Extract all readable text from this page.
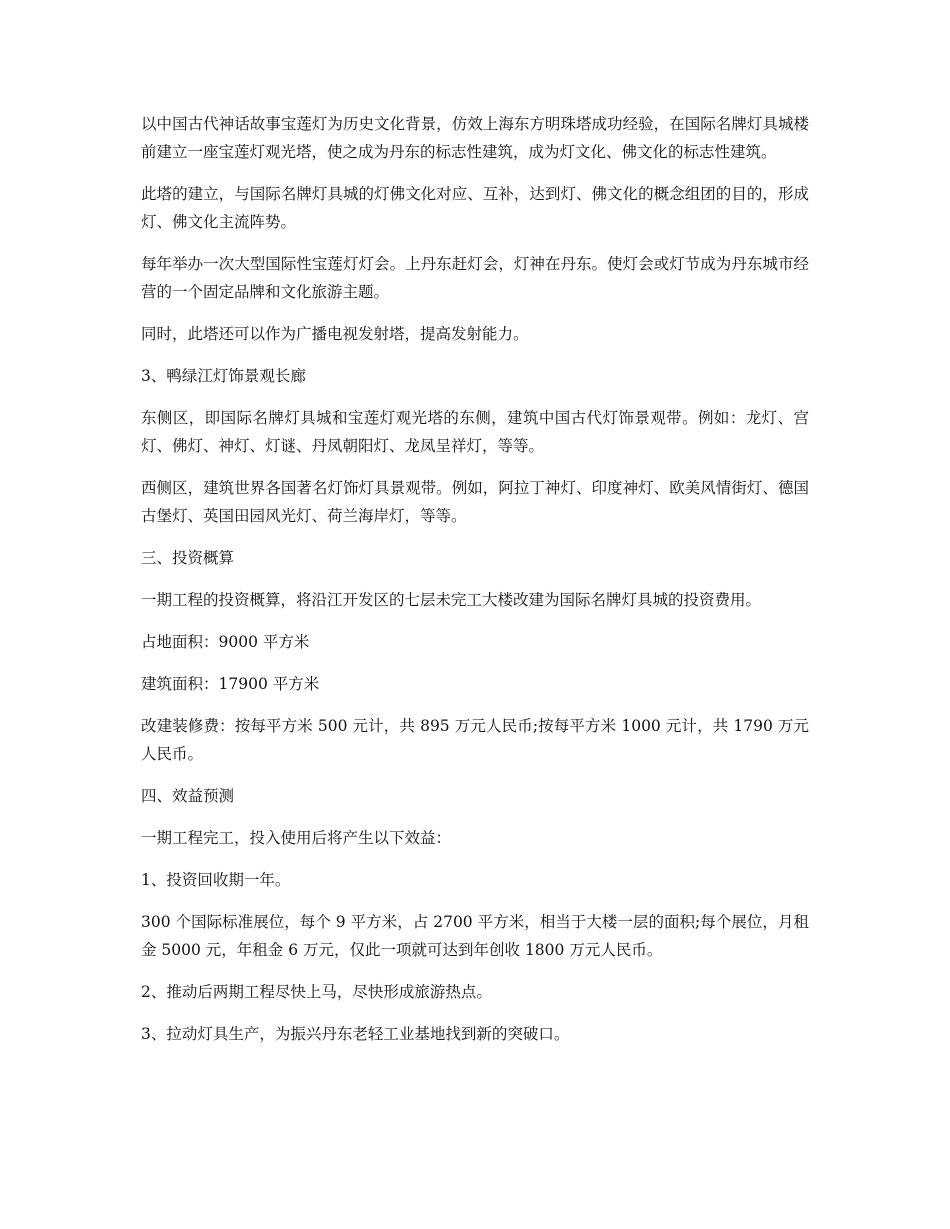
以中国古代神话故事宝莲灯为历史文化背景，仿效上海东方明珠塔成功经验，在国际名牌灯具城楼前建立一座宝莲灯观光塔，使之成为丹东的标志性建筑，成为灯文化、佛文化的标志性建筑。

此塔的建立，与国际名牌灯具城的灯佛文化对应、互补，达到灯、佛文化的概念组团的目的，形成灯、佛文化主流阵势。

每年举办一次大型国际性宝莲灯灯会。上丹东赶灯会，灯神在丹东。使灯会或灯节成为丹东城市经营的一个固定品牌和文化旅游主题。

同时，此塔还可以作为广播电视发射塔，提高发射能力。

3、鸭绿江灯饰景观长廊

东侧区，即国际名牌灯具城和宝莲灯观光塔的东侧，建筑中国古代灯饰景观带。例如：龙灯、宫灯、佛灯、神灯、灯谜、丹凤朝阳灯、龙凤呈祥灯，等等。

西侧区，建筑世界各国著名灯饰灯具景观带。例如，阿拉丁神灯、印度神灯、欧美风情街灯、德国古堡灯、英国田园风光灯、荷兰海岸灯，等等。

三、投资概算

一期工程的投资概算，将沿江开发区的七层未完工大楼改建为国际名牌灯具城的投资费用。

占地面积：9000 平方米

建筑面积：17900 平方米

改建装修费：按每平方米 500 元计，共 895 万元人民币;按每平方米 1000 元计，共 1790 万元人民币。

四、效益预测

一期工程完工，投入使用后将产生以下效益：

1、投资回收期一年。

300 个国际标准展位，每个 9 平方米，占 2700 平方米，相当于大楼一层的面积;每个展位，月租金 5000 元，年租金 6 万元，仅此一项就可达到年创收 1800 万元人民币。

2、推动后两期工程尽快上马，尽快形成旅游热点。

3、拉动灯具生产，为振兴丹东老轻工业基地找到新的突破口。
